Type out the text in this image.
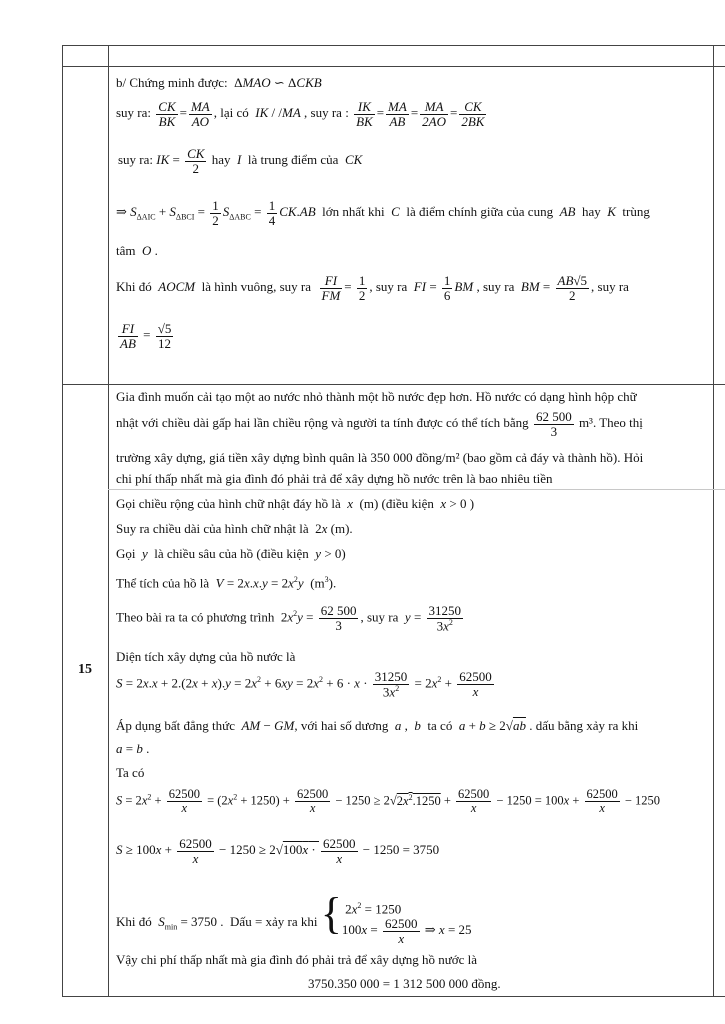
15
b/ Chứng minh được:  ΔMAO ∽ ΔCKB
suy ra: $\frac{CK}{BK} = \frac{MA}{AO}$ , lại có  IK / /MA , suy ra : $\frac{IK}{BK} = \frac{MA}{AB} = \frac{MA}{2AO} = \frac{CK}{2BK}$
suy ra: IK = $\frac{CK}{2}$ hay  I  là trung điểm của  CK
⇒ $S_{\Delta AIC} + S_{\Delta BCI} = \frac{1}{2} S_{\Delta ABC} = \frac{1}{4} CK.AB$  lớn nhất khi  C  là điểm chính giữa của cung  AB  hay  K  trùng
tâm  O .
Khi đó  AOCM  là hình vuông, suy ra $\frac{FI}{FM} = \frac{1}{2}$ , suy ra  FI = $\frac{1}{6}$ BM , suy ra  BM = $\frac{AB√5}{2}$ , suy ra
$\frac{FI}{AB} = \frac{√5}{12}$
Gia đình muốn cải tạo một ao nước nhỏ thành một hồ nước đẹp hơn. Hồ nước có dạng hình hộp chữ
nhật với chiều dài gấp hai lần chiều rộng và người ta tính được có thể tích bằng $\frac{62 500}{3} m^3$. Theo thị
trường xây dựng, giá tiền xây dựng bình quân là 350 000 đồng/m² (bao gồm cả đáy và thành hồ). Hỏi
chi phí thấp nhất mà gia đình đó phải trả để xây dựng hồ nước trên là bao nhiêu tiền
Gọi chiều rộng của hình chữ nhật đáy hồ là  x  (m) (điều kiện  x > 0 )
Suy ra chiều dài của hình chữ nhật là  2x (m).
Gọi  y  là chiều sâu của hồ (điều kiện  y > 0)
Thể tích của hồ là  $V = 2x.x.y = 2x^2y$  $(m^3)$.
Theo bài ra ta có phương trình  $2x^2y = \frac{62 500}{3}$ , suy ra  $y = \frac{31250}{3x^2}$
Diện tích xây dựng của hồ nước là
$S = 2x.x + 2.(2x + x).y = 2x^2 + 6xy = 2x^2 + 6 \cdot x \cdot \frac{31250}{3x^2} = 2x^2 + \frac{62500}{x}$
Áp dụng bất đẳng thức  AM − GM, với hai số dương  a ,  b  ta có  a + b ≥ 2√ab . dấu bằng xảy ra khi
a = b .
Ta có
$S = 2x^2 + \frac{62500}{x} = (2x^2 + 1250) + \frac{62500}{x} - 1250 \ge 2√2x^2.1250 + \frac{62500}{x} - 1250 = 100x + \frac{62500}{x} - 1250$
$S \ge 100x + \frac{62500}{x} - 1250 \ge 2√100x \cdot \frac{62500}{x} - 1250 = 3750$
Khi đó  $S_{min} = 3750$ .  Dấu = xảy ra khi { $2x^2 = 1250$
$100x = \frac{62500}{x}$ ⇒ x = 25
Vậy chi phí thấp nhất mà gia đình đó phải trả để xây dựng hồ nước là
3750.350 000 = 1 312 500 000 đồng.
